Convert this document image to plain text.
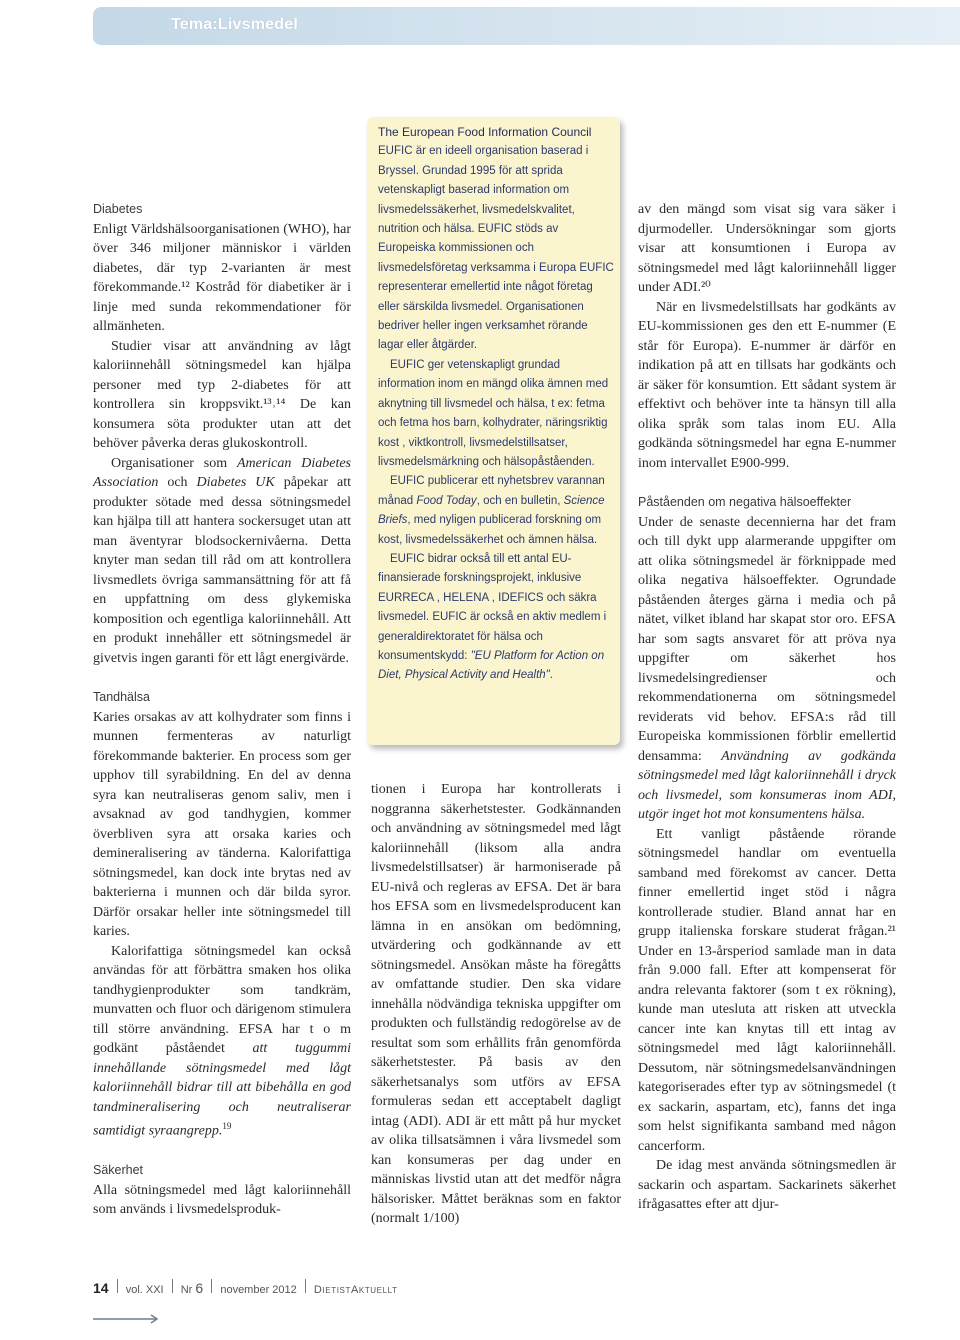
Tema:Livsmedel
Diabetes

Enligt Världshälsoorganisationen (WHO), har över 346 miljoner människor i världen diabetes, där typ 2-varianten är mest förekommande.¹² Kostråd för diabetiker är i linje med sunda rekommendationer för allmänheten.

Studier visar att användning av lågt kaloriinnehåll sötningsmedel kan hjälpa personer med typ 2-diabetes för att kontrollera sin kroppsvikt.¹³˒¹⁴ De kan konsumera söta produkter utan att det behöver påverka deras glukoskontroll.

Organisationer som American Diabetes Association och Diabetes UK påpekar att produkter sötade med dessa sötningsmedel kan hjälpa till att hantera sockersuget utan att man äventyrar blodsockernivåerna. Detta knyter man sedan till råd om att kontrollera livsmedlets övriga sammansättning för att få en uppfattning om dess glykemiska komposition och egentliga kaloriinnehåll. Att en produkt innehåller ett sötningsmedel är givetvis ingen garanti för ett lågt energivärde.

Tandhälsa

Karies orsakas av att kolhydrater som finns i munnen fermenteras av naturligt förekommande bakterier. En process som ger upphov till syrabildning. En del av denna syra kan neutraliseras genom saliv, men i avsaknad av god tandhygien, kommer överbliven syra att orsaka karies och demineralisering av tänderna. Kalorifattiga sötningsmedel, kan dock inte brytas ned av bakterierna i munnen och där bilda syror. Därför orsakar heller inte sötningsmedel till karies.

Kalorifattiga sötningsmedel kan också användas för att förbättra smaken hos olika tandhygienprodukter som tandkräm, munvatten och fluor och därigenom stimulera till större användning. EFSA har t o m godkänt påståendet att tuggummi innehållande sötningsmedel med lågt kaloriinnehåll bidrar till att bibehålla en god tandmineralisering och neutraliserar samtidigt syraangrepp.$^{19}$

Säkerhet

Alla sötningsmedel med lågt kaloriinnehåll som används i livsmedelsproduk-

The European Food Information Council

EUFIC är en ideell organisation baserad i Bryssel. Grundad 1995 för att sprida vetenskapligt baserad information om livsmedelssäkerhet, livsmedelskvalitet, nutrition och hälsa. EUFIC stöds av Europeiska kommissionen och livsmedelsföretag verksamma i Europa EUFIC representerar emellertid inte något företag eller särskilda livsmedel. Organisationen bedriver heller ingen verksamhet rörande lagar eller åtgärder.

EUFIC ger vetenskapligt grundad information inom en mängd olika ämnen med aknytning till livsmedel och hälsa, t ex: fetma och fetma hos barn, kolhydrater, näringsriktig kost , viktkontroll, livsmedelstillsatser, livsmedelsmärkning och hälsopåståenden.

EUFIC publicerar ett nyhetsbrev varannan månad Food Today, och en bulletin, Science Briefs, med nyligen publicerad forskning om kost, livsmedelssäkerhet och ämnen hälsa.

EUFIC bidrar också till ett antal EU-finansierade forskningsprojekt, inklusive EURRECA , HELENA , IDEFICS och säkra livsmedel. EUFIC är också en aktiv medlem i generaldirektoratet för hälsa och konsumentskydd: "EU Platform for Action on Diet, Physical Activity and Health".

tionen i Europa har kontrollerats i noggranna säkerhetstester. Godkännanden och användning av sötningsmedel med lågt kaloriinnehåll (liksom alla andra livsmedelstillsatser) är harmoniserade på EU-nivå och regleras av EFSA. Det är bara hos EFSA som en livsmedelsproducent kan lämna in en ansökan om bedömning, utvärdering och godkännande av ett sötningsmedel. Ansökan måste ha föregåtts av omfattande studier. Den ska vidare innehålla nödvändiga tekniska uppgifter om produkten och fullständig redogörelse av de resultat som som erhållits från genomförda säkerhetstester. På basis av den säkerhetsanalys som utförs av EFSA formuleras sedan ett acceptabelt dagligt intag (ADI). ADI är ett mått på hur mycket av olika tillsatsämnen i våra livsmedel som kan konsumeras per dag under en människas livstid utan att det medför några hälsorisker. Måttet beräknas som en faktor (normalt 1/100)

av den mängd som visat sig vara säker i djurmodeller. Undersökningar som gjorts visar att konsumtionen i Europa av sötningsmedel med lågt kaloriinnehåll ligger under ADI.²⁰

När en livsmedelstillsats har godkänts av EU-kommissionen ges den ett E-nummer (E står för Europa). E-nummer är därför en indikation på att en tillsats har godkänts och är säker för konsumtion. Ett sådant system är effektivt och behöver inte ta hänsyn till alla olika språk som talas inom EU. Alla godkända sötningsmedel har egna E-nummer inom intervallet E900-999.

Påståenden om negativa hälsoeffekter

Under de senaste decennierna har det fram och till dykt upp alarmerande uppgifter om att olika sötningsmedel är förknippade med olika negativa hälsoeffekter. Ogrundade påståenden återges gärna i media och på nätet, vilket ibland har skapat stor oro. EFSA har som sagts ansvaret för att pröva nya uppgifter om säkerhet hos livsmedelsingredienser och rekommendationerna om sötningsmedel reviderats vid behov. EFSA:s råd till Europeiska kommissionen förblir emellertid densamma: Användning av godkända sötningsmedel med lågt kaloriinnehåll i dryck och livsmedel, som konsumeras inom ADI, utgör inget hot mot konsumentens hälsa.

Ett vanligt påstående rörande sötningsmedel handlar om eventuella samband med förekomst av cancer. Detta finner emellertid inget stöd i några kontrollerade studier. Bland annat har en grupp italienska forskare studerat frågan.²¹ Under en 13-årsperiod samlade man in data från 9.000 fall. Efter att kompenserat för andra relevanta faktorer (som t ex rökning), kunde man utesluta att risken att utveckla cancer inte kan knytas till ett intag av sötningsmedel med lågt kaloriinnehåll. Dessutom, när sötningsmedelsanvändningen kategoriserades efter typ av sötningsmedel (t ex sackarin, aspartam, etc), fanns det inga som helst signifikanta samband med någon cancerform.

De idag mest använda sötningsmedlen är sackarin och aspartam. Sackarinets säkerhet ifrågasattes efter att djur-

14 vol. XXI Nr 6 november 2012 DietistAktuellt
